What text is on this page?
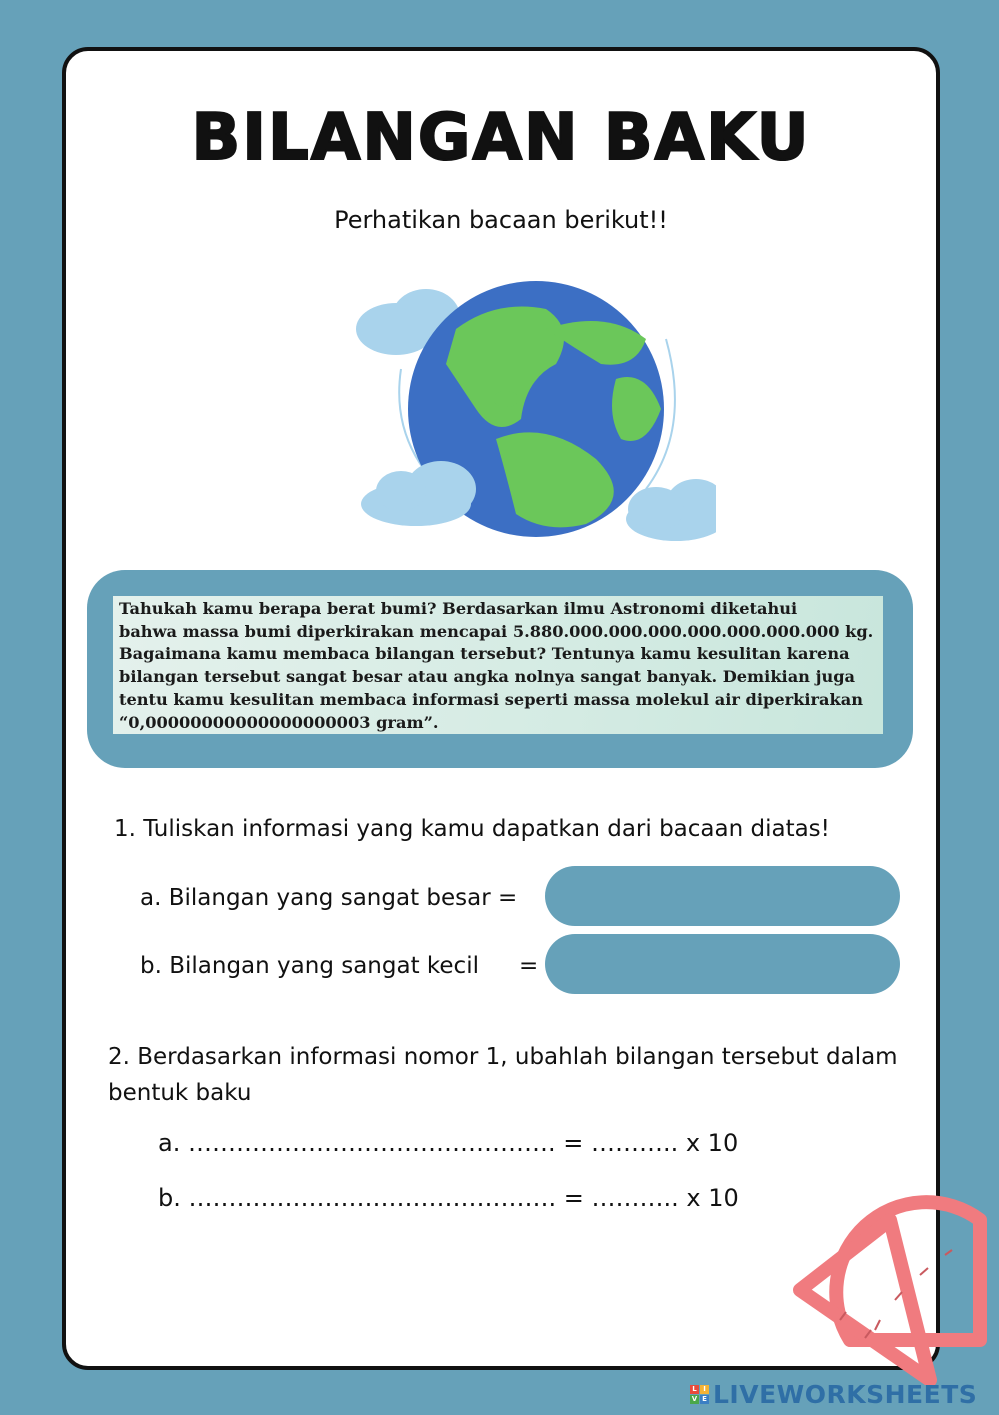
BILANGAN BAKU
Perhatikan bacaan berikut!!
Tahukah kamu berapa berat bumi? Berdasarkan ilmu Astronomi diketahui
bahwa massa bumi diperkirakan mencapai 5.880.000.000.000.000.000.000.000 kg.
Bagaimana kamu membaca bilangan tersebut? Tentunya kamu kesulitan karena
bilangan tersebut sangat besar atau angka nolnya sangat banyak. Demikian juga
tentu kamu kesulitan membaca informasi seperti massa molekul air diperkirakan
“0,00000000000000000003 gram”.
1. Tuliskan informasi yang kamu dapatkan dari bacaan diatas!
a. Bilangan yang sangat besar =
b. Bilangan yang sangat kecil =
2. Berdasarkan informasi nomor 1, ubahlah bilangan tersebut dalam bentuk baku
a. ………………………………………. = ……….. x 10
b. ………………………………………. = ……….. x 10
L I
V E LIVEWORKSHEETS
